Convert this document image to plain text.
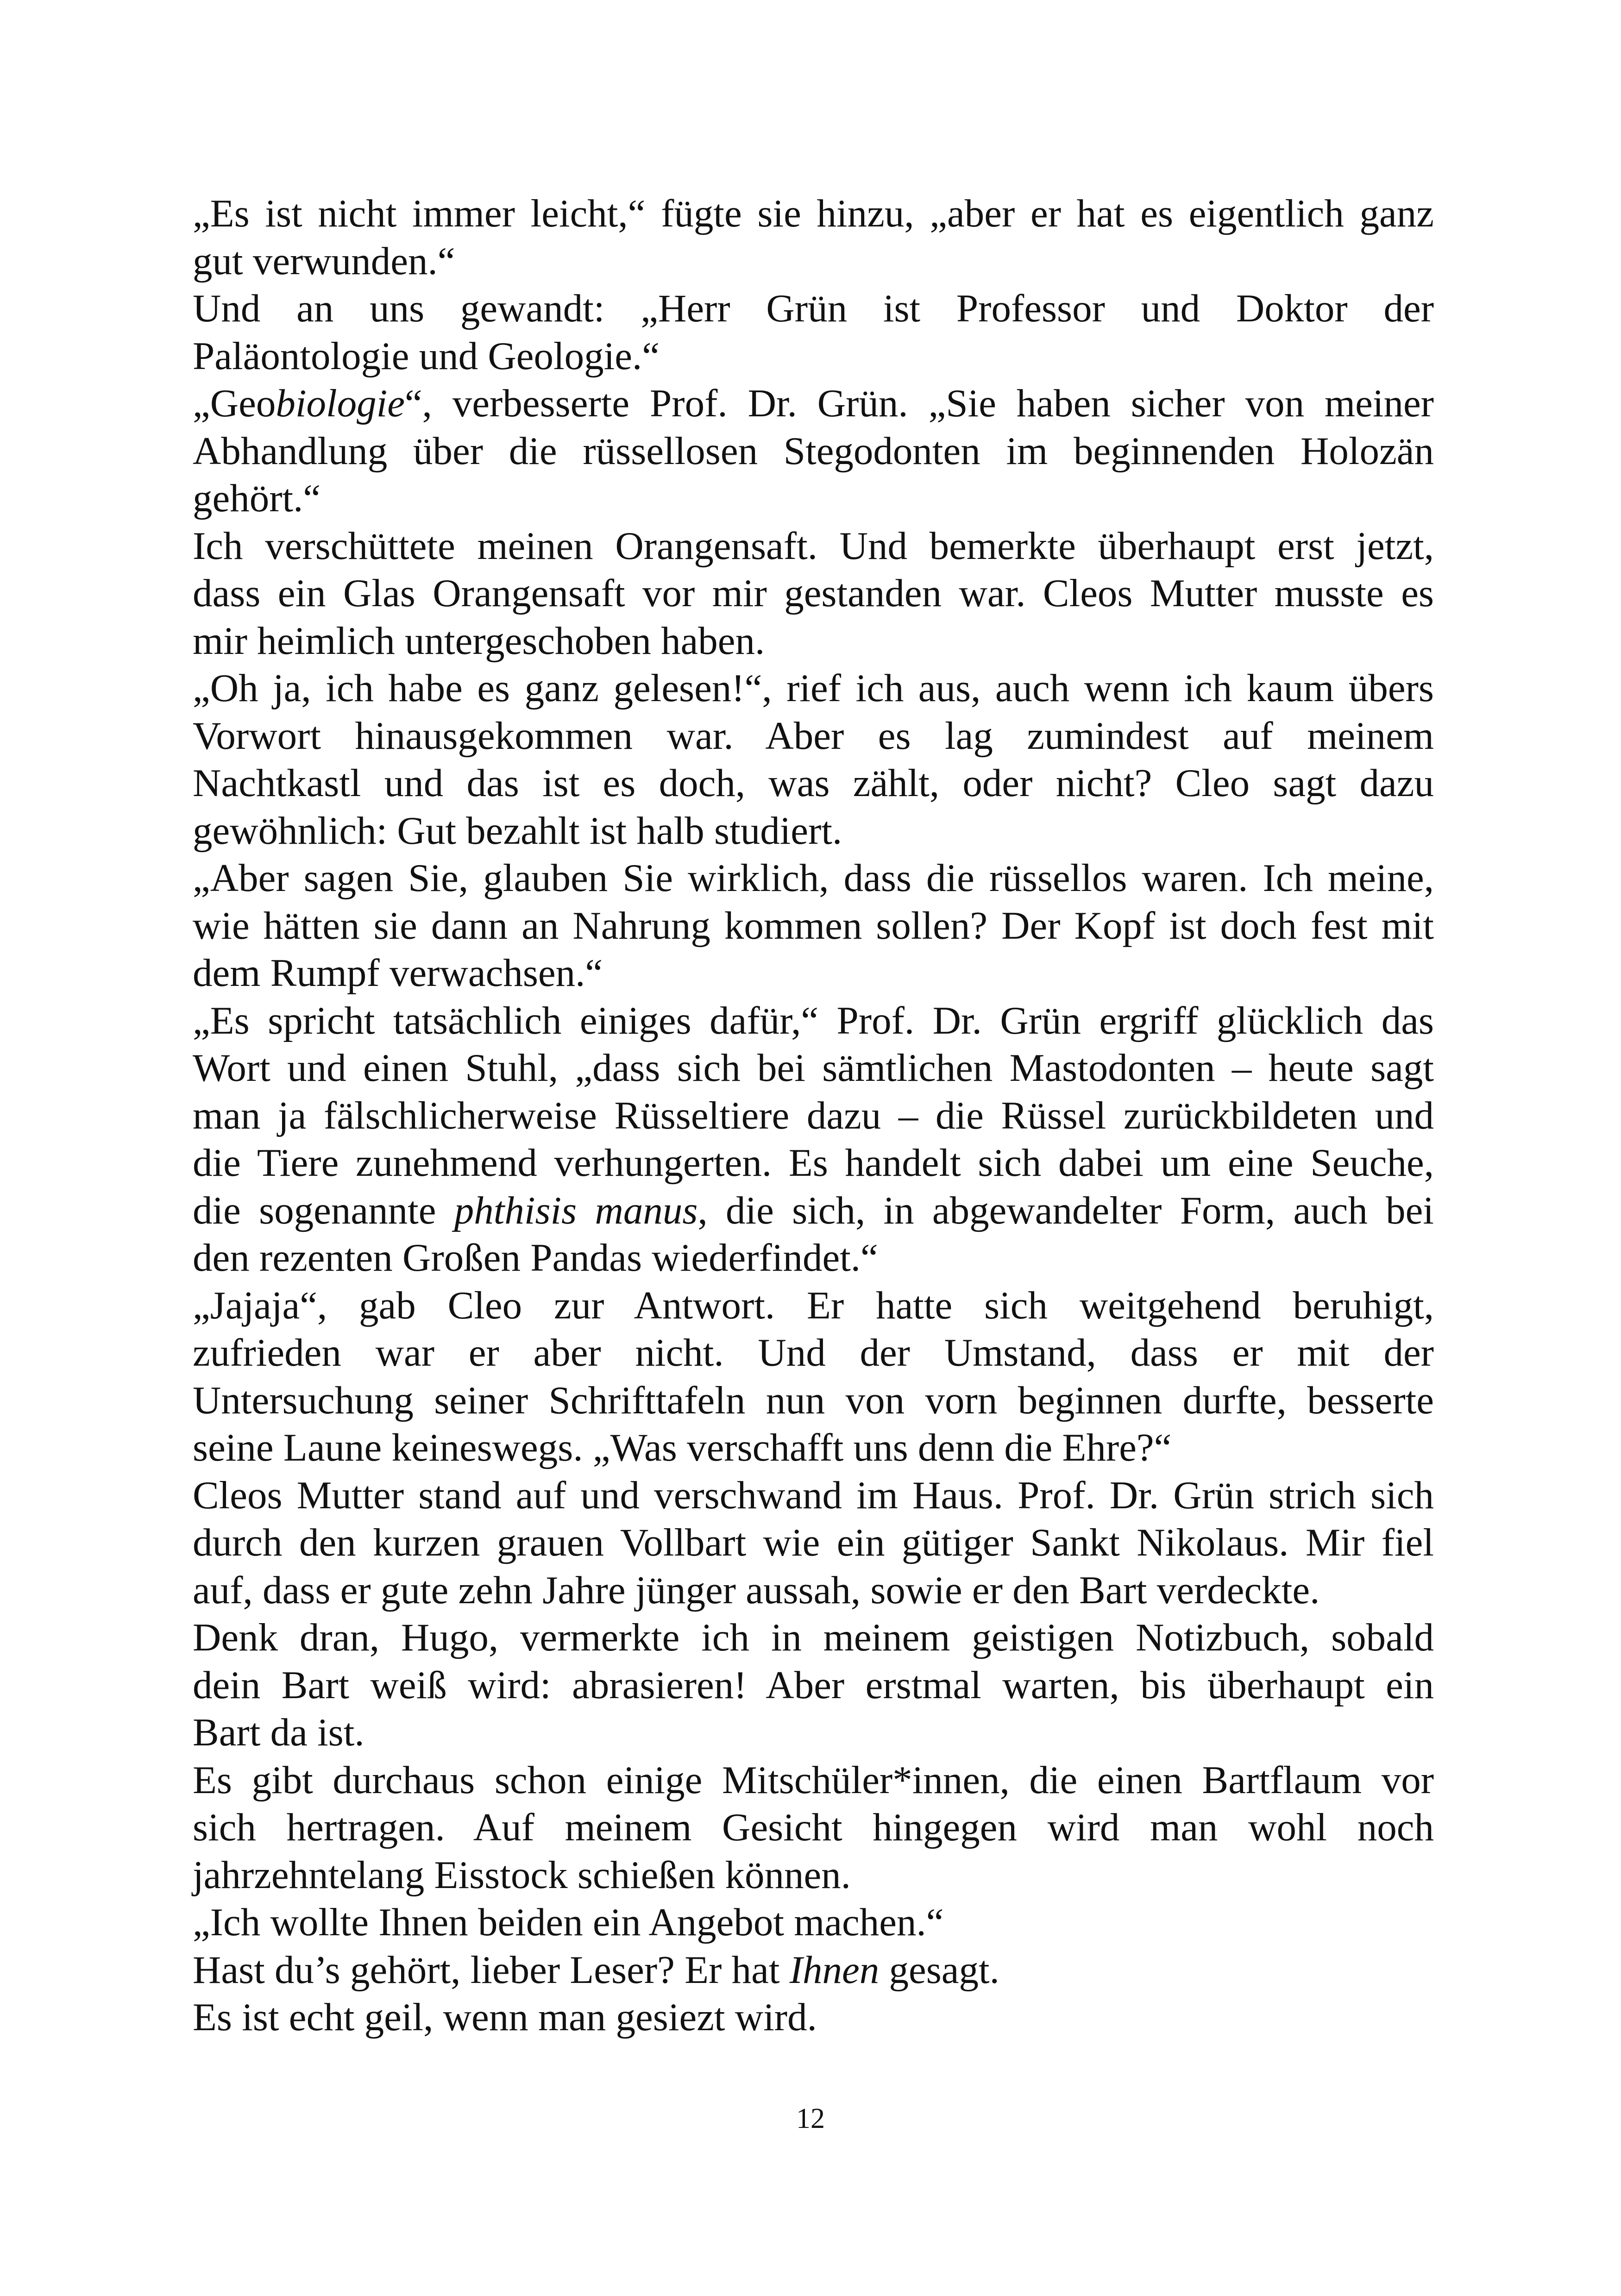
„Es ist nicht immer leicht,“ fügte sie hinzu, „aber er hat es eigentlich ganz
gut verwunden.“
Und an uns gewandt: „Herr Grün ist Professor und Doktor der
Paläontologie und Geologie.“
„Geobiologie“, verbesserte Prof. Dr. Grün. „Sie haben sicher von meiner
Abhandlung über die rüssellosen Stegodonten im beginnenden Holozän
gehört.“
Ich verschüttete meinen Orangensaft. Und bemerkte überhaupt erst jetzt,
dass ein Glas Orangensaft vor mir gestanden war. Cleos Mutter musste es
mir heimlich untergeschoben haben.
„Oh ja, ich habe es ganz gelesen!“, rief ich aus, auch wenn ich kaum übers
Vorwort hinausgekommen war. Aber es lag zumindest auf meinem
Nachtkastl und das ist es doch, was zählt, oder nicht? Cleo sagt dazu
gewöhnlich: Gut bezahlt ist halb studiert.
„Aber sagen Sie, glauben Sie wirklich, dass die rüssellos waren. Ich meine,
wie hätten sie dann an Nahrung kommen sollen? Der Kopf ist doch fest mit
dem Rumpf verwachsen.“
„Es spricht tatsächlich einiges dafür,“ Prof. Dr. Grün ergriff glücklich das
Wort und einen Stuhl, „dass sich bei sämtlichen Mastodonten – heute sagt
man ja fälschlicherweise Rüsseltiere dazu – die Rüssel zurückbildeten und
die Tiere zunehmend verhungerten. Es handelt sich dabei um eine Seuche,
die sogenannte phthisis manus, die sich, in abgewandelter Form, auch bei
den rezenten Großen Pandas wiederfindet.“
„Jajaja“, gab Cleo zur Antwort. Er hatte sich weitgehend beruhigt,
zufrieden war er aber nicht. Und der Umstand, dass er mit der
Untersuchung seiner Schrifttafeln nun von vorn beginnen durfte, besserte
seine Laune keineswegs. „Was verschafft uns denn die Ehre?“
Cleos Mutter stand auf und verschwand im Haus. Prof. Dr. Grün strich sich
durch den kurzen grauen Vollbart wie ein gütiger Sankt Nikolaus. Mir fiel
auf, dass er gute zehn Jahre jünger aussah, sowie er den Bart verdeckte.
Denk dran, Hugo, vermerkte ich in meinem geistigen Notizbuch, sobald
dein Bart weiß wird: abrasieren! Aber erstmal warten, bis überhaupt ein
Bart da ist.
Es gibt durchaus schon einige Mitschüler*innen, die einen Bartflaum vor
sich hertragen. Auf meinem Gesicht hingegen wird man wohl noch
jahrzehntelang Eisstock schießen können.
„Ich wollte Ihnen beiden ein Angebot machen.“
Hast du’s gehört, lieber Leser? Er hat Ihnen gesagt.
Es ist echt geil, wenn man gesiezt wird.
12
